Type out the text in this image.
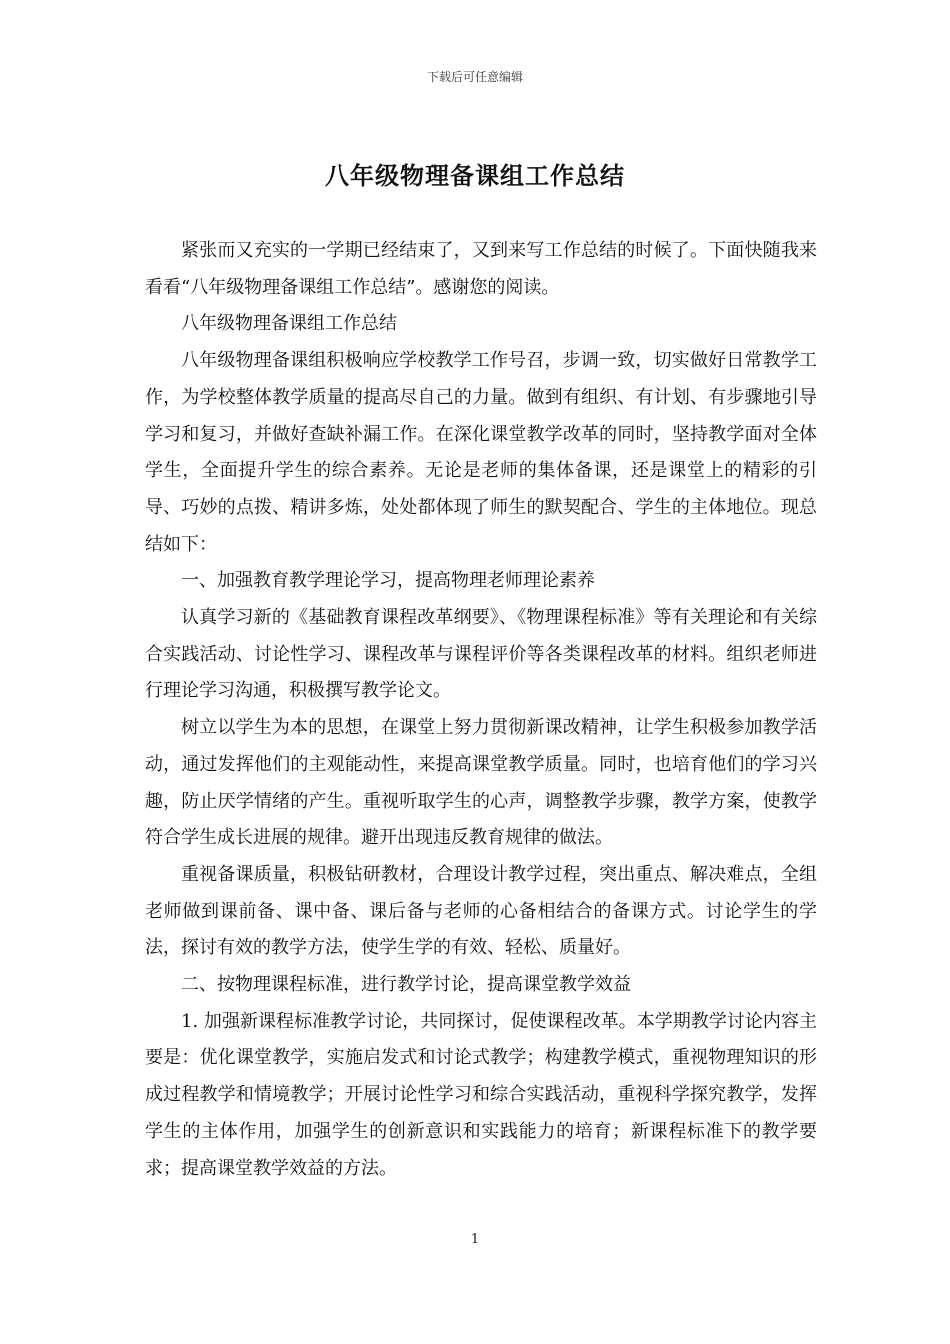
下载后可任意编辑
八年级物理备课组工作总结

紧张而又充实的一学期已经结束了，又到来写工作总结的时候了。下面快随我来看看“八年级物理备课组工作总结”。感谢您的阅读。

八年级物理备课组工作总结

八年级物理备课组积极响应学校教学工作号召，步调一致，切实做好日常教学工作，为学校整体教学质量的提高尽自己的力量。做到有组织、有计划、有步骤地引导学习和复习，并做好查缺补漏工作。在深化课堂教学改革的同时，坚持教学面对全体学生，全面提升学生的综合素养。无论是老师的集体备课，还是课堂上的精彩的引导、巧妙的点拨、精讲多炼，处处都体现了师生的默契配合、学生的主体地位。现总结如下：

一、加强教育教学理论学习，提高物理老师理论素养

认真学习新的《基础教育课程改革纲要》、《物理课程标准》等有关理论和有关综合实践活动、讨论性学习、课程改革与课程评价等各类课程改革的材料。组织老师进行理论学习沟通，积极撰写教学论文。

树立以学生为本的思想，在课堂上努力贯彻新课改精神，让学生积极参加教学活动，通过发挥他们的主观能动性，来提高课堂教学质量。同时，也培育他们的学习兴趣，防止厌学情绪的产生。重视听取学生的心声，调整教学步骤，教学方案，使教学符合学生成长进展的规律。避开出现违反教育规律的做法。

重视备课质量，积极钻研教材，合理设计教学过程，突出重点、解决难点，全组老师做到课前备、课中备、课后备与老师的心备相结合的备课方式。讨论学生的学法，探讨有效的教学方法，使学生学的有效、轻松、质量好。

二、按物理课程标准，进行教学讨论，提高课堂教学效益

1. 加强新课程标准教学讨论，共同探讨，促使课程改革。本学期教学讨论内容主要是：优化课堂教学，实施启发式和讨论式教学；构建教学模式，重视物理知识的形成过程教学和情境教学；开展讨论性学习和综合实践活动，重视科学探究教学，发挥学生的主体作用，加强学生的创新意识和实践能力的培育；新课程标准下的教学要求；提高课堂教学效益的方法。

1
